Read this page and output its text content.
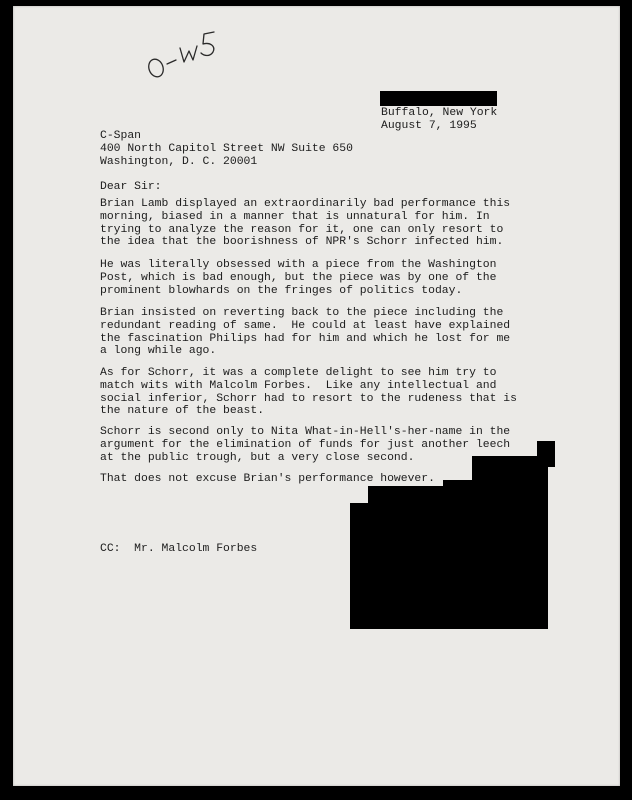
Buffalo, New York
August 7, 1995
C-Span
400 North Capitol Street NW Suite 650
Washington, D. C. 20001
Dear Sir:

Brian Lamb displayed an extraordinarily bad performance this
morning, biased in a manner that is unnatural for him. In
trying to analyze the reason for it, one can only resort to
the idea that the boorishness of NPR's Schorr infected him.

He was literally obsessed with a piece from the Washington
Post, which is bad enough, but the piece was by one of the
prominent blowhards on the fringes of politics today.

Brian insisted on reverting back to the piece including the
redundant reading of same.  He could at least have explained
the fascination Philips had for him and which he lost for me
a long while ago.

As for Schorr, it was a complete delight to see him try to
match wits with Malcolm Forbes.  Like any intellectual and
social inferior, Schorr had to resort to the rudeness that is
the nature of the beast.

Schorr is second only to Nita What-in-Hell's-her-name in the
argument for the elimination of funds for just another leech
at the public trough, but a very close second.

That does not excuse Brian's performance however.

CC:  Mr. Malcolm Forbes
